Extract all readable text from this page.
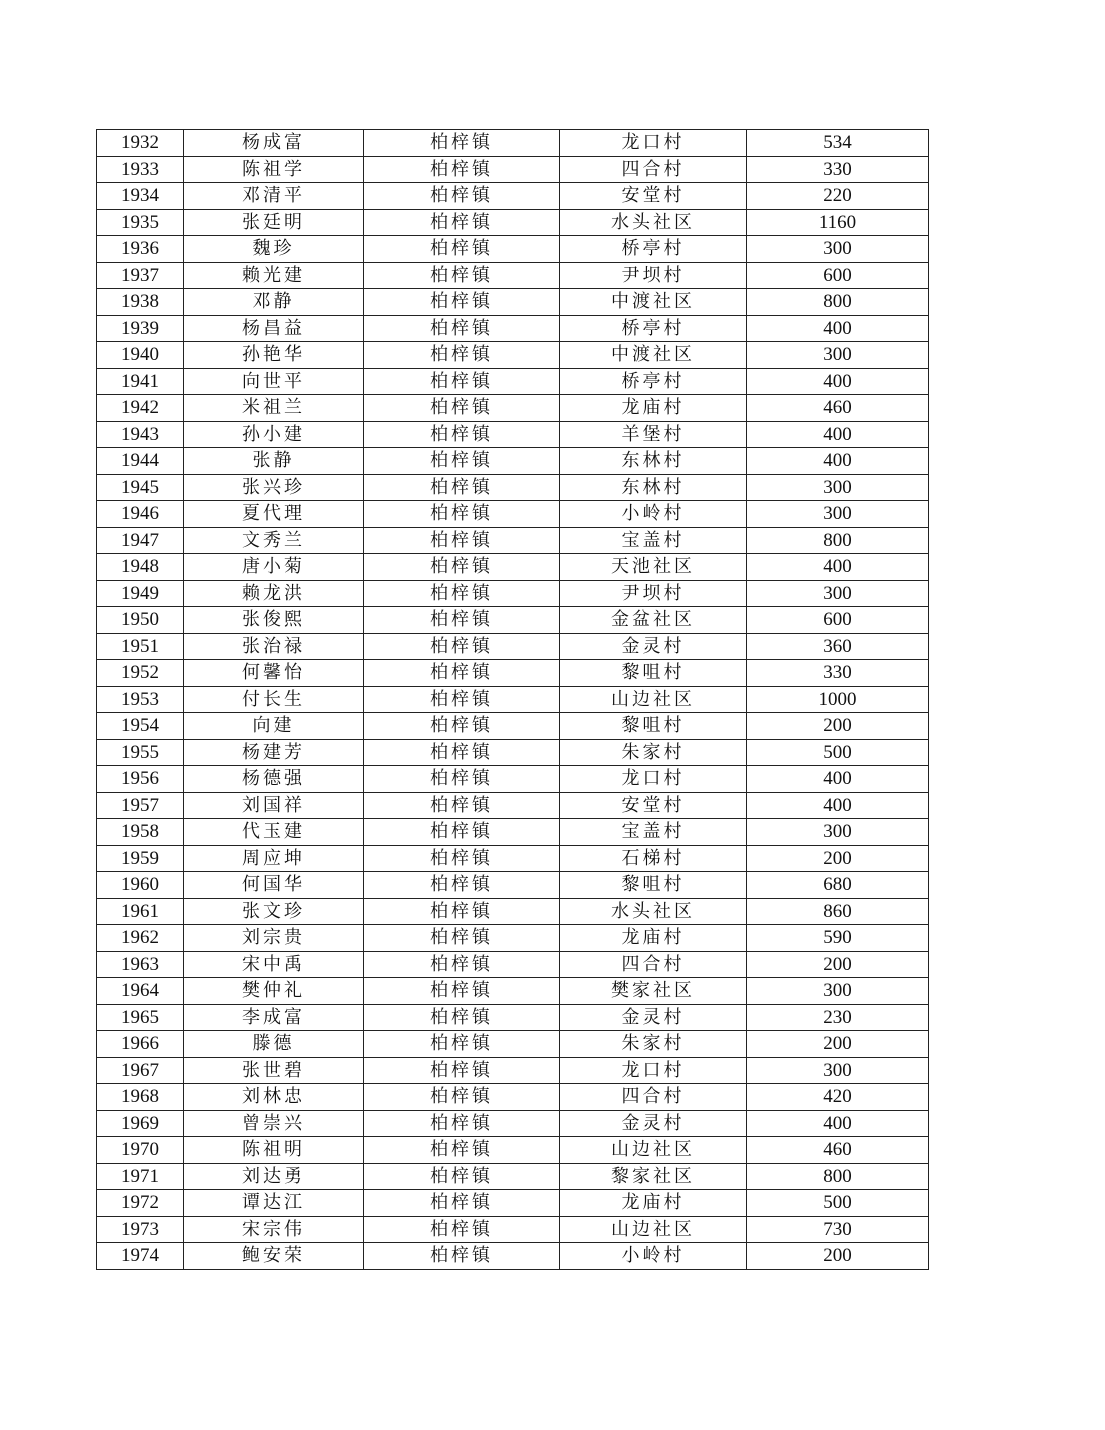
1932	杨成富	柏梓镇	龙口村	534
1933	陈祖学	柏梓镇	四合村	330
1934	邓清平	柏梓镇	安堂村	220
1935	张廷明	柏梓镇	水头社区	1160
1936	魏珍	柏梓镇	桥亭村	300
1937	赖光建	柏梓镇	尹坝村	600
1938	邓静	柏梓镇	中渡社区	800
1939	杨昌益	柏梓镇	桥亭村	400
1940	孙艳华	柏梓镇	中渡社区	300
1941	向世平	柏梓镇	桥亭村	400
1942	米祖兰	柏梓镇	龙庙村	460
1943	孙小建	柏梓镇	羊堡村	400
1944	张静	柏梓镇	东林村	400
1945	张兴珍	柏梓镇	东林村	300
1946	夏代理	柏梓镇	小岭村	300
1947	文秀兰	柏梓镇	宝盖村	800
1948	唐小菊	柏梓镇	天池社区	400
1949	赖龙洪	柏梓镇	尹坝村	300
1950	张俊熙	柏梓镇	金盆社区	600
1951	张治禄	柏梓镇	金灵村	360
1952	何馨怡	柏梓镇	黎咀村	330
1953	付长生	柏梓镇	山边社区	1000
1954	向建	柏梓镇	黎咀村	200
1955	杨建芳	柏梓镇	朱家村	500
1956	杨德强	柏梓镇	龙口村	400
1957	刘国祥	柏梓镇	安堂村	400
1958	代玉建	柏梓镇	宝盖村	300
1959	周应坤	柏梓镇	石梯村	200
1960	何国华	柏梓镇	黎咀村	680
1961	张文珍	柏梓镇	水头社区	860
1962	刘宗贵	柏梓镇	龙庙村	590
1963	宋中禹	柏梓镇	四合村	200
1964	樊仲礼	柏梓镇	樊家社区	300
1965	李成富	柏梓镇	金灵村	230
1966	滕德	柏梓镇	朱家村	200
1967	张世碧	柏梓镇	龙口村	300
1968	刘林忠	柏梓镇	四合村	420
1969	曾崇兴	柏梓镇	金灵村	400
1970	陈祖明	柏梓镇	山边社区	460
1971	刘达勇	柏梓镇	黎家社区	800
1972	谭达江	柏梓镇	龙庙村	500
1973	宋宗伟	柏梓镇	山边社区	730
1974	鲍安荣	柏梓镇	小岭村	200
